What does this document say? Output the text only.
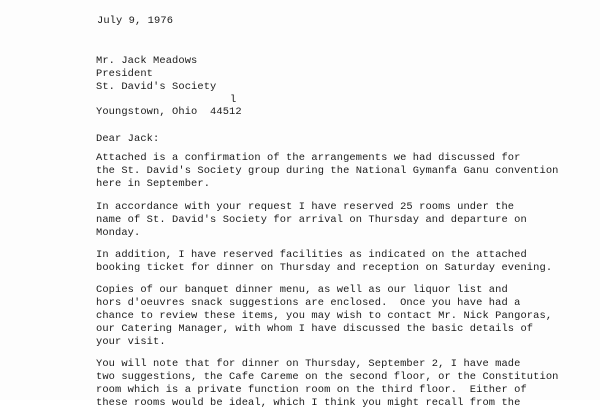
July 9, 1976
Mr. Jack Meadows
President
St. David's Society
l
Youngstown, Ohio  44512
Dear Jack:
Attached is a confirmation of the arrangements we had discussed for
the St. David's Society group during the National Gymanfa Ganu convention
here in September.
In accordance with your request I have reserved 25 rooms under the
name of St. David's Society for arrival on Thursday and departure on
Monday.
In addition, I have reserved facilities as indicated on the attached
booking ticket for dinner on Thursday and reception on Saturday evening.
Copies of our banquet dinner menu, as well as our liquor list and
hors d'oeuvres snack suggestions are enclosed.  Once you have had a
chance to review these items, you may wish to contact Mr. Nick Pangoras,
our Catering Manager, with whom I have discussed the basic details of
your visit.
You will note that for dinner on Thursday, September 2, I have made
two suggestions, the Cafe Careme on the second floor, or the Constitution
room which is a private function room on the third floor.  Either of
these rooms would be ideal, which I think you might recall from the
